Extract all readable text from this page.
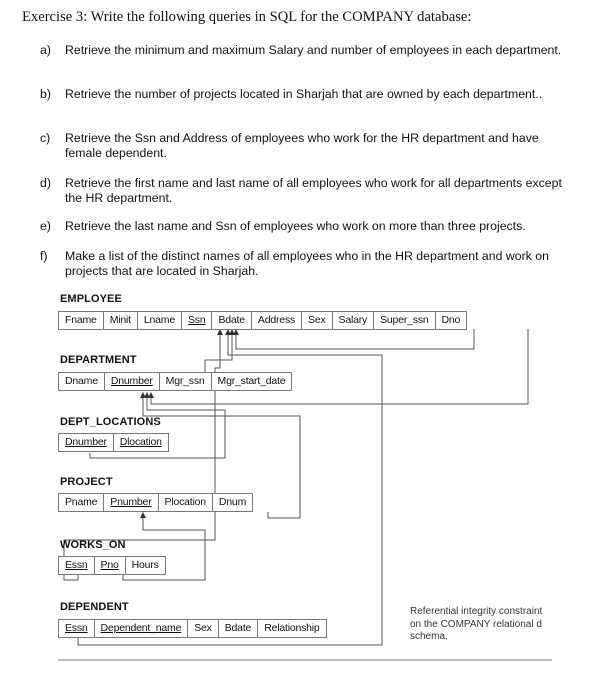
Exercise 3: Write the following queries in SQL for the COMPANY database:
a)	Retrieve the minimum and maximum Salary and number of employees in each department.
b)	Retrieve the number of projects located in Sharjah that are owned by each department..
c)	Retrieve the Ssn and Address of employees who work for the HR department and have female dependent.
d)	Retrieve the first name and last name of all employees who work for all departments except the HR department.
e)	Retrieve the last name and Ssn of employees who work on more than three projects.
f)	Make a list of the distinct names of all employees who in the HR department and work on projects that are located in Sharjah.
EMPLOYEE
Fname	Minit	Lname	Ssn	Bdate	Address	Sex	Salary	Super_ssn	Dno
DEPARTMENT
Dname	Dnumber	Mgr_ssn	Mgr_start_date
DEPT_LOCATIONS
Dnumber	Dlocation
PROJECT
Pname	Pnumber	Plocation	Dnum
WORKS_ON
Essn	Pno	Hours
DEPENDENT
Essn	Dependent_name	Sex	Bdate	Relationship
Referential integrity constraint
on the COMPANY relational d
schema.
